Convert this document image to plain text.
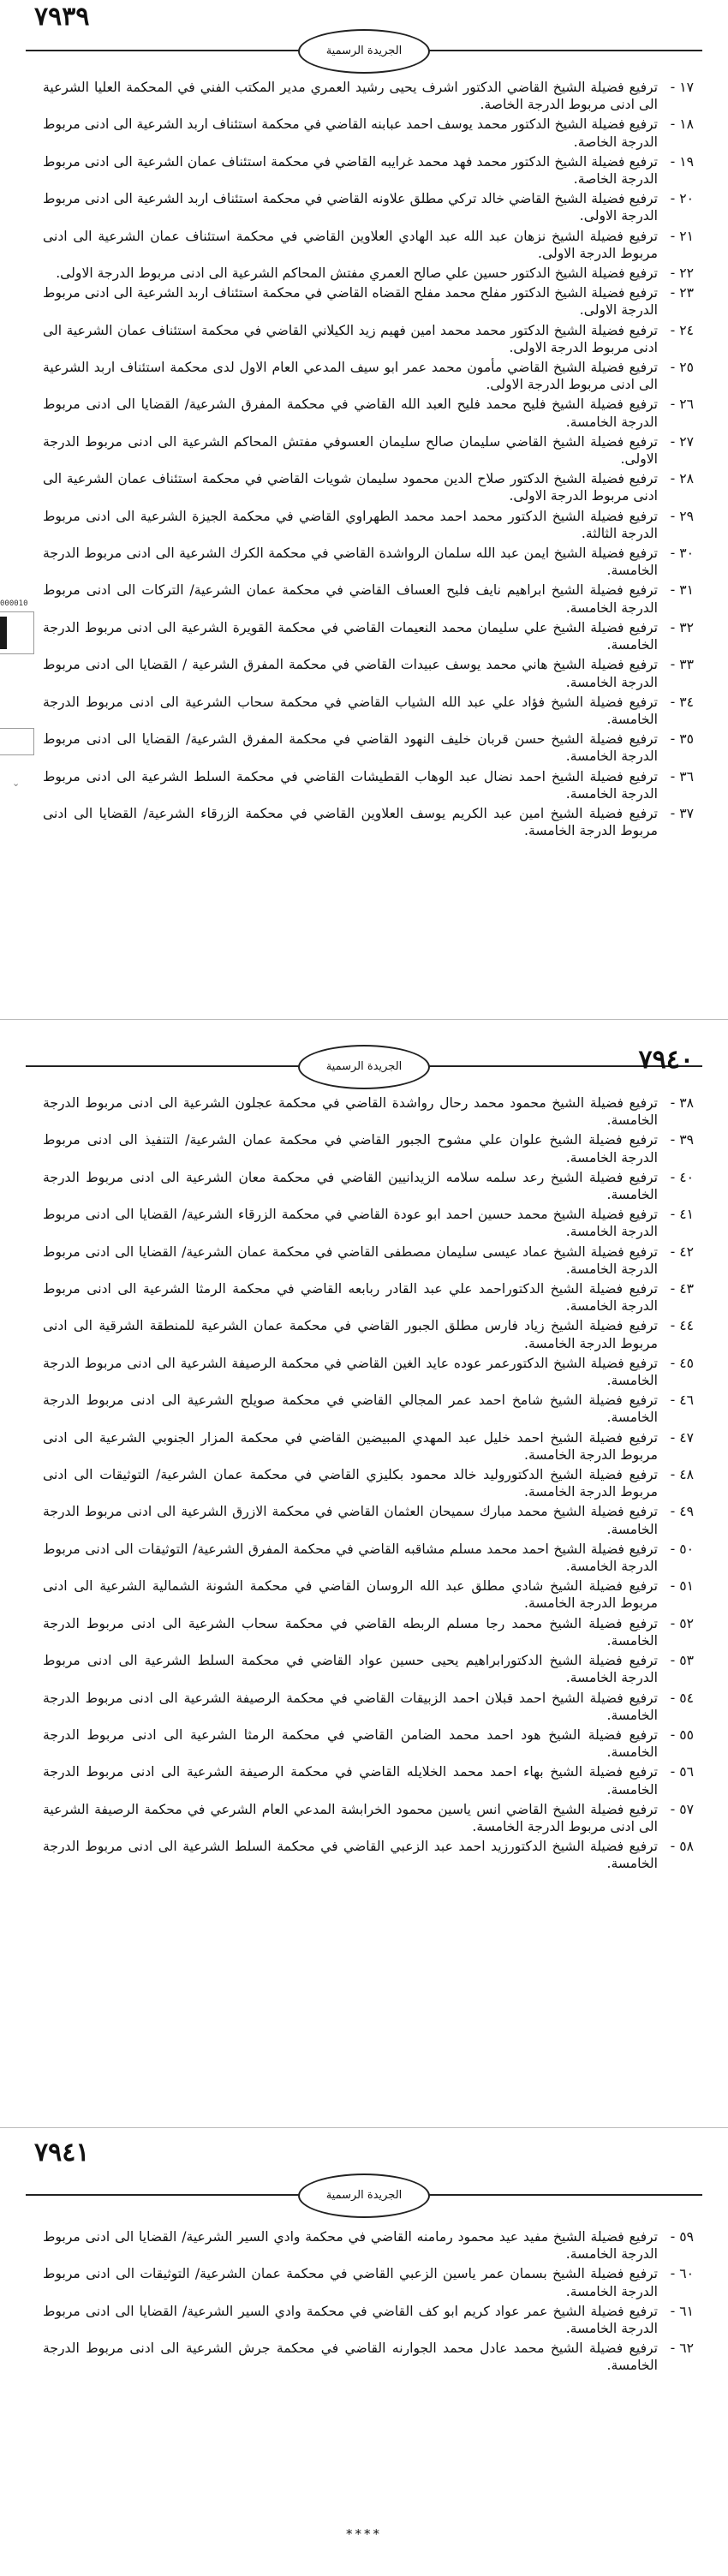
٧٩٣٩
الجريدة الرسمية
١٧ -
ترفيع فضيلة الشيخ القاضي الدكتور اشرف يحيى رشيد العمري مدير المكتب الفني في المحكمة العليا الشرعية الى ادنى مربوط الدرجة الخاصة.
١٨ -
ترفيع فضيلة الشيخ الدكتور محمد يوسف احمد عبابنه القاضي في محكمة استئناف اربد الشرعية الى ادنى مربوط الدرجة الخاصة.
١٩ -
ترفيع فضيلة الشيخ الدكتور محمد فهد محمد غرايبه القاضي في محكمة استئناف عمان الشرعية الى ادنى مربوط الدرجة الخاصة.
٢٠ -
ترفيع فضيلة الشيخ القاضي خالد تركي مطلق علاونه القاضي في محكمة استئناف اربد الشرعية الى ادنى مربوط الدرجة الاولى.
٢١ -
ترفيع فضيلة الشيخ نزهان عبد الله عبد الهادي العلاوين القاضي في محكمة استئناف عمان الشرعية الى ادنى مربوط الدرجة الاولى.
٢٢ -
ترفيع فضيلة الشيخ الدكتور حسين علي صالح العمري مفتش المحاكم الشرعية الى ادنى مربوط الدرجة الاولى.
٢٣ -
ترفيع فضيلة الشيخ الدكتور مفلح محمد مفلح القضاه القاضي في محكمة استئناف اربد الشرعية الى ادنى مربوط الدرجة الاولى.
٢٤ -
ترفيع فضيلة الشيخ الدكتور محمد محمد امين فهيم زيد الكيلاني القاضي في محكمة استئناف عمان الشرعية الى ادنى مربوط الدرجة الاولى.
٢٥ -
ترفيع فضيلة الشيخ القاضي مأمون محمد عمر ابو سيف المدعي العام الاول لدى محكمة استئناف اربد الشرعية الى ادنى مربوط الدرجة الاولى.
٢٦ -
ترفيع فضيلة الشيخ فليح محمد فليح العبد الله القاضي في محكمة المفرق الشرعية/ القضايا الى ادنى مربوط الدرجة الخامسة.
٢٧ -
ترفيع فضيلة الشيخ القاضي سليمان صالح سليمان العسوفي مفتش المحاكم الشرعية الى ادنى مربوط الدرجة الاولى.
٢٨ -
ترفيع فضيلة الشيخ الدكتور صلاح الدين محمود سليمان شويات القاضي في محكمة استئناف عمان الشرعية الى ادنى مربوط الدرجة الاولى.
٢٩ -
ترفيع فضيلة الشيخ الدكتور محمد احمد محمد الطهراوي القاضي في محكمة الجيزة الشرعية الى ادنى مربوط الدرجة الثالثة.
٣٠ -
ترفيع فضيلة الشيخ ايمن عبد الله سلمان الرواشدة القاضي في محكمة الكرك الشرعية الى ادنى مربوط الدرجة الخامسة.
٣١ -
ترفيع فضيلة الشيخ ابراهيم نايف فليح العساف القاضي في محكمة عمان الشرعية/ التركات الى ادنى مربوط الدرجة الخامسة.
٣٢ -
ترفيع فضيلة الشيخ علي سليمان محمد النعيمات القاضي في محكمة القويرة الشرعية الى ادنى مربوط الدرجة الخامسة.
٣٣ -
ترفيع فضيلة الشيخ هاني محمد يوسف عبيدات القاضي في محكمة المفرق الشرعية / القضايا الى ادنى مربوط الدرجة الخامسة.
٣٤ -
ترفيع فضيلة الشيخ فؤاد علي عبد الله الشياب القاضي في محكمة سحاب الشرعية الى ادنى مربوط الدرجة الخامسة.
٣٥ -
ترفيع فضيلة الشيخ حسن قربان خليف النهود القاضي في محكمة المفرق الشرعية/ القضايا الى ادنى مربوط الدرجة الخامسة.
٣٦ -
ترفيع فضيلة الشيخ احمد نضال عبد الوهاب القطيشات القاضي في محكمة السلط الشرعية الى ادنى مربوط الدرجة الخامسة.
٣٧ -
ترفيع فضيلة الشيخ امين عبد الكريم يوسف العلاوين القاضي في محكمة الزرقاء الشرعية/ القضايا الى ادنى مربوط الدرجة الخامسة.
000010
⌄
الجريدة الرسمية	٧٩٤٠
٣٨ -
ترفيع فضيلة الشيخ محمود محمد رحال رواشدة القاضي في محكمة عجلون الشرعية الى ادنى مربوط الدرجة الخامسة.
٣٩ -
ترفيع فضيلة الشيخ علوان علي مشوح الجبور القاضي في محكمة عمان الشرعية/ التنفيذ الى ادنى مربوط الدرجة الخامسة.
٤٠ -
ترفيع فضيلة الشيخ رعد سلمه سلامه الزيدانيين القاضي في محكمة معان الشرعية الى ادنى مربوط الدرجة الخامسة.
٤١ -
ترفيع فضيلة الشيخ محمد حسين احمد ابو عودة القاضي في محكمة الزرقاء الشرعية/ القضايا الى ادنى مربوط الدرجة الخامسة.
٤٢ -
ترفيع فضيلة الشيخ عماد عيسى سليمان مصطفى القاضي في محكمة عمان الشرعية/ القضايا الى ادنى مربوط الدرجة الخامسة.
٤٣ -
ترفيع فضيلة الشيخ الدكتوراحمد علي عبد القادر ربابعه القاضي في محكمة الرمثا الشرعية الى ادنى مربوط الدرجة الخامسة.
٤٤ -
ترفيع فضيلة الشيخ زياد فارس مطلق الجبور القاضي في محكمة عمان الشرعية للمنطقة الشرقية الى ادنى مربوط الدرجة الخامسة.
٤٥ -
ترفيع فضيلة الشيخ الدكتورعمر عوده عايد الغين القاضي في محكمة الرصيفة الشرعية الى ادنى مربوط الدرجة الخامسة.
٤٦ -
ترفيع فضيلة الشيخ شامخ احمد عمر المجالي القاضي في محكمة صويلح الشرعية الى ادنى مربوط الدرجة الخامسة.
٤٧ -
ترفيع فضيلة الشيخ احمد خليل عبد المهدي المبيضين القاضي في محكمة المزار الجنوبي الشرعية الى ادنى مربوط الدرجة الخامسة.
٤٨ -
ترفيع فضيلة الشيخ الدكتوروليد خالد محمود بكليزي القاضي في محكمة عمان الشرعية/ التوثيقات الى ادنى مربوط الدرجة الخامسة.
٤٩ -
ترفيع فضيلة الشيخ محمد مبارك سميحان العثمان القاضي في محكمة الازرق الشرعية الى ادنى مربوط الدرجة الخامسة.
٥٠ -
ترفيع فضيلة الشيخ احمد محمد مسلم مشاقبه القاضي في محكمة المفرق الشرعية/ التوثيقات الى ادنى مربوط الدرجة الخامسة.
٥١ -
ترفيع فضيلة الشيخ شادي مطلق عبد الله الروسان القاضي في محكمة الشونة الشمالية الشرعية الى ادنى مربوط الدرجة الخامسة.
٥٢ -
ترفيع فضيلة الشيخ محمد رجا مسلم الربطه القاضي في محكمة سحاب الشرعية الى ادنى مربوط الدرجة الخامسة.
٥٣ -
ترفيع فضيلة الشيخ الدكتورابراهيم يحيى حسين عواد القاضي في محكمة السلط الشرعية الى ادنى مربوط الدرجة الخامسة.
٥٤ -
ترفيع فضيلة الشيخ احمد قبلان احمد الزبيقات القاضي في محكمة الرصيفة الشرعية الى ادنى مربوط الدرجة الخامسة.
٥٥ -
ترفيع فضيلة الشيخ هود احمد محمد الضامن القاضي في محكمة الرمثا الشرعية الى ادنى مربوط الدرجة الخامسة.
٥٦ -
ترفيع فضيلة الشيخ بهاء احمد محمد الخلايله القاضي في محكمة الرصيفة الشرعية الى ادنى مربوط الدرجة الخامسة.
٥٧ -
ترفيع فضيلة الشيخ القاضي انس ياسين محمود الخرابشة المدعي العام الشرعي في محكمة الرصيفة الشرعية الى ادنى مربوط الدرجة الخامسة.
٥٨ -
ترفيع فضيلة الشيخ الدكتورزيد احمد عبد الزعبي القاضي في محكمة السلط الشرعية الى ادنى مربوط الدرجة الخامسة.
٧٩٤١
الجريدة الرسمية
٥٩ -
ترفيع فضيلة الشيخ مفيد عيد محمود رمامنه القاضي في محكمة وادي السير الشرعية/ القضايا الى ادنى مربوط الدرجة الخامسة.
٦٠ -
ترفيع فضيلة الشيخ بسمان عمر ياسين الزعبي القاضي في محكمة عمان الشرعية/ التوثيقات الى ادنى مربوط الدرجة الخامسة.
٦١ -
ترفيع فضيلة الشيخ عمر عواد كريم ابو كف القاضي في محكمة وادي السير الشرعية/ القضايا الى ادنى مربوط الدرجة الخامسة.
٦٢ -
ترفيع فضيلة الشيخ محمد عادل محمد الجوارنه القاضي في محكمة جرش الشرعية الى ادنى مربوط الدرجة الخامسة.
****
